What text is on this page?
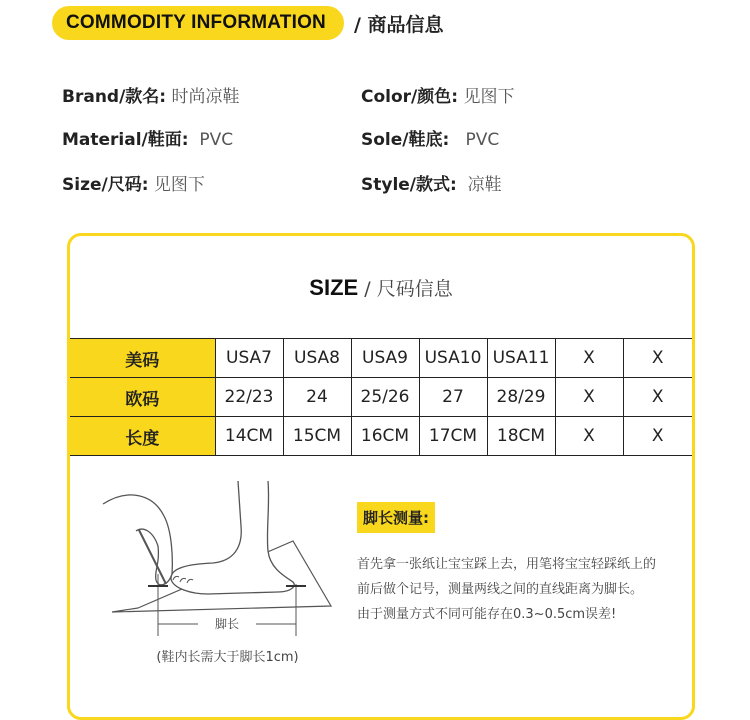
COMMODITY INFORMATION	/ 商品信息
Brand/款名: 时尚凉鞋	Color/颜色: 见图下
Material/鞋面:  PVC	Sole/鞋底:   PVC
Size/尺码: 见图下	Style/款式:  凉鞋
SIZE / 尺码信息
美码	USA7	USA8	USA9	USA10	USA11	X	X
欧码	22/23	24	25/26	27	28/29	X	X
长度	14CM	15CM	16CM	17CM	18CM	X	X
脚长
(鞋内长需大于脚长1cm)
脚长测量:
首先拿一张纸让宝宝踩上去，用笔将宝宝轻踩纸上的前后做个记号，测量两线之间的直线距离为脚长。
由于测量方式不同可能存在0.3~0.5cm误差!
